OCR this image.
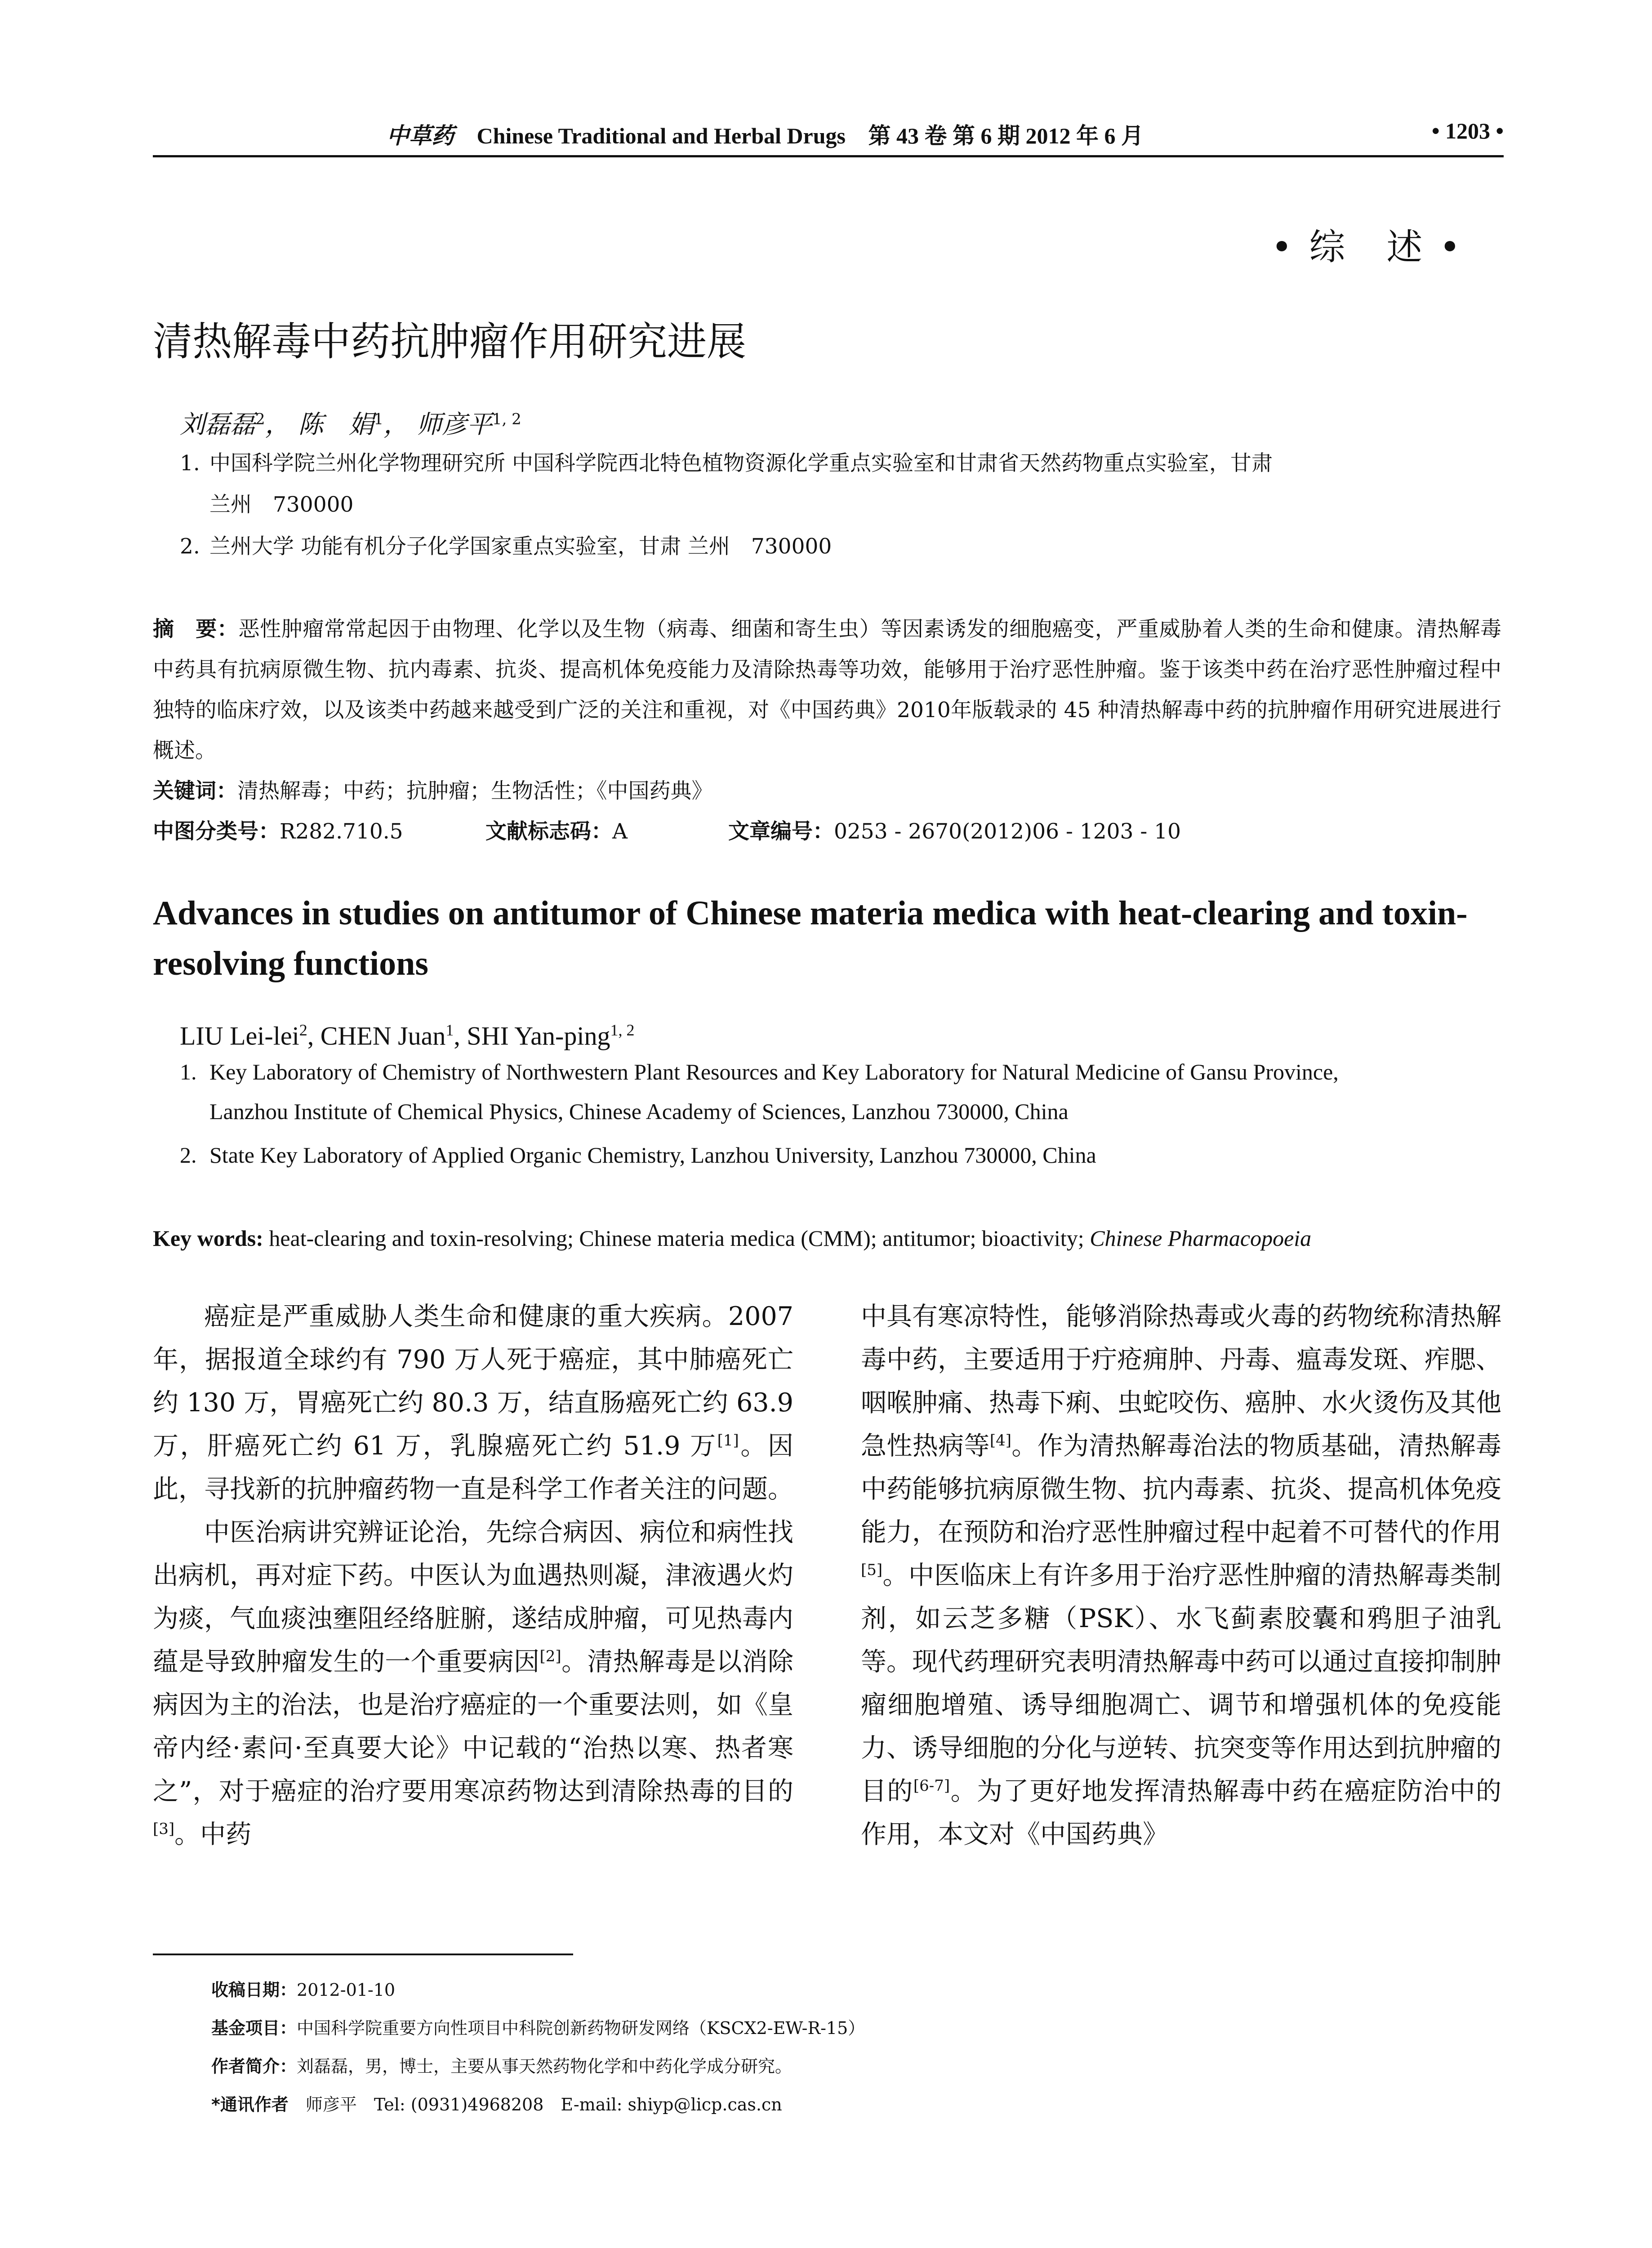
中草药 Chinese Traditional and Herbal Drugs 第 43 卷 第 6 期 2012 年 6 月	• 1203 •
• 综　述 •
清热解毒中药抗肿瘤作用研究进展
刘磊磊$^2$， 陈　娟$^1$， 师彦平$^{1, 2}$
1. 中国科学院兰州化学物理研究所 中国科学院西北特色植物资源化学重点实验室和甘肃省天然药物重点实验室，甘肃
兰州　730000
2. 兰州大学 功能有机分子化学国家重点实验室，甘肃 兰州　730000
摘　要：恶性肿瘤常常起因于由物理、化学以及生物（病毒、细菌和寄生虫）等因素诱发的细胞癌变，严重威胁着人类的生命和健康。清热解毒中药具有抗病原微生物、抗内毒素、抗炎、提高机体免疫能力及清除热毒等功效，能够用于治疗恶性肿瘤。鉴于该类中药在治疗恶性肿瘤过程中独特的临床疗效，以及该类中药越来越受到广泛的关注和重视，对《中国药典》2010年版载录的 45 种清热解毒中药的抗肿瘤作用研究进展进行概述。
关键词：清热解毒；中药；抗肿瘤；生物活性；《中国药典》
中图分类号：R282.710.5	文献标志码：A	文章编号：0253 - 2670(2012)06 - 1203 - 10
Advances in studies on antitumor of Chinese materia medica with heat-clearing and toxin-resolving functions
LIU Lei-lei$^2$, CHEN Juan$^1$, SHI Yan-ping$^{1, 2}$
1. Key Laboratory of Chemistry of Northwestern Plant Resources and Key Laboratory for Natural Medicine of Gansu Province,
Lanzhou Institute of Chemical Physics, Chinese Academy of Sciences, Lanzhou 730000, China
2. State Key Laboratory of Applied Organic Chemistry, Lanzhou University, Lanzhou 730000, China
Key words: heat-clearing and toxin-resolving; Chinese materia medica (CMM); antitumor; bioactivity; Chinese Pharmacopoeia

癌症是严重威胁人类生命和健康的重大疾病。2007 年，据报道全球约有 790 万人死于癌症，其中肺癌死亡约 130 万，胃癌死亡约 80.3 万，结直肠癌死亡约 63.9 万，肝癌死亡约 61 万，乳腺癌死亡约 51.9 万[1]。因此，寻找新的抗肿瘤药物一直是科学工作者关注的问题。

中医治病讲究辨证论治，先综合病因、病位和病性找出病机，再对症下药。中医认为血遇热则凝，津液遇火灼为痰，气血痰浊壅阻经络脏腑，遂结成肿瘤，可见热毒内蕴是导致肿瘤发生的一个重要病因[2]。清热解毒是以消除病因为主的治法，也是治疗癌症的一个重要法则，如《皇帝内经·素问·至真要大论》中记载的“治热以寒、热者寒之”，对于癌症的治疗要用寒凉药物达到清除热毒的目的[3]。中药

中具有寒凉特性，能够消除热毒或火毒的药物统称清热解毒中药，主要适用于疔疮痈肿、丹毒、瘟毒发斑、痄腮、咽喉肿痛、热毒下痢、虫蛇咬伤、癌肿、水火烫伤及其他急性热病等[4]。作为清热解毒治法的物质基础，清热解毒中药能够抗病原微生物、抗内毒素、抗炎、提高机体免疫能力，在预防和治疗恶性肿瘤过程中起着不可替代的作用[5]。中医临床上有许多用于治疗恶性肿瘤的清热解毒类制剂，如云芝多糖（PSK）、水飞蓟素胶囊和鸦胆子油乳等。现代药理研究表明清热解毒中药可以通过直接抑制肿瘤细胞增殖、诱导细胞凋亡、调节和增强机体的免疫能力、诱导细胞的分化与逆转、抗突变等作用达到抗肿瘤的目的[6-7]。为了更好地发挥清热解毒中药在癌症防治中的作用，本文对《中国药典》

收稿日期：2012-01-10
基金项目：中国科学院重要方向性项目中科院创新药物研发网络（KSCX2-EW-R-15）
作者简介：刘磊磊，男，博士，主要从事天然药物化学和中药化学成分研究。
*通讯作者　师彦平　Tel: (0931)4968208　E-mail: shiyp@licp.cas.cn
